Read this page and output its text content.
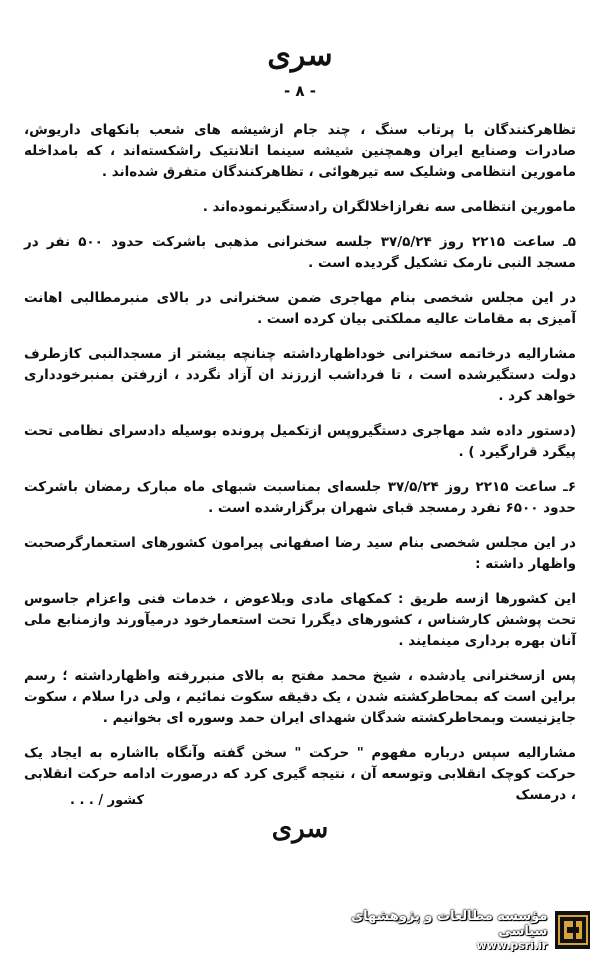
سری
- ۸ -

تظاهرکنندگان با پرتاب سنگ ، چند جام ازشیشه های شعب بانکهای داریوش، صادرات وصنایع ایران وهمچنین شیشه سینما اتلانتیک راشکسته‌اند ، که بامداخله مامورین انتظامی وشلیک سه تیرهوائی ، تظاهرکنندگان متفرق شده‌اند .

مامورین انتظامی سه نفرازاخلالگران رادستگیرنموده‌اند .

۵ـ ساعت ۲۲۱۵ روز ۳۷/۵/۲۴ جلسه سخنرانی مذهبی باشرکت حدود ۵۰۰ نفر در مسجد النبی نارمک تشکیل گردیده است .

در این مجلس شخصی بنام مهاجری ضمن سخنرانی در بالای منبرمطالبی اهانت آمیزی به مقامات عالیه مملکتی بیان کرده است .

مشارالیه درخاتمه سخنرانی خوداظهارداشته چنانچه بیشتر از مسجدالنبی کازطرف دولت دستگیرشده است ، تا فرداشب ازرزند ان آزاد نگردد ، ازرفتن بمنبرخودداری خواهد کرد .

(دستور داده شد مهاجری دستگیروپس ازتکمیل پرونده بوسیله دادسرای نظامی تحت پیگرد قرارگیرد ) .

۶ـ ساعت ۲۲۱۵ روز ۳۷/۵/۲۴ جلسه‌ای بمناسبت شبهای ماه مبارک رمضان باشرکت حدود ۶۵۰۰ نفرد رمسجد قبای شهران برگزارشده است .

در این مجلس شخصی بنام سید رضا اصفهانی پیرامون کشورهای استعمارگرصحبت واظهار داشته :

این کشورها ازسه طریق : کمکهای مادی وبلاعوض ، خدمات فنی واعزام جاسوس تحت پوشش کارشناس ، کشورهای دیگررا تحت استعمارخود درمیآورند وازمنابع ملی آنان بهره برداری مینمایند .

پس ازسخنرانی یادشده ، شیخ محمد مفتح به بالای منبررفته واظهارداشته ؛ رسم براین است که بمحاطرکشته شدن ، یک دقیقه سکوت نمائیم ، ولی درا سلام ، سکوت جایزنیست وبمحاطرکشته شدگان شهدای ایران حمد وسوره ای بخوانیم .

مشارالیه سپس درباره مفهوم " حرکت " سخن گفته وآنگاه بااشاره به ایجاد یک حرکت کوچک انقلابی وتوسعه آن ، نتیجه گیری کرد که درصورت ادامه حرکت انقلابی ، درمسک

کشور / . . .
سری
مؤسسه مطالعات و پژوهشهای سیاسی
www.psri.ir
